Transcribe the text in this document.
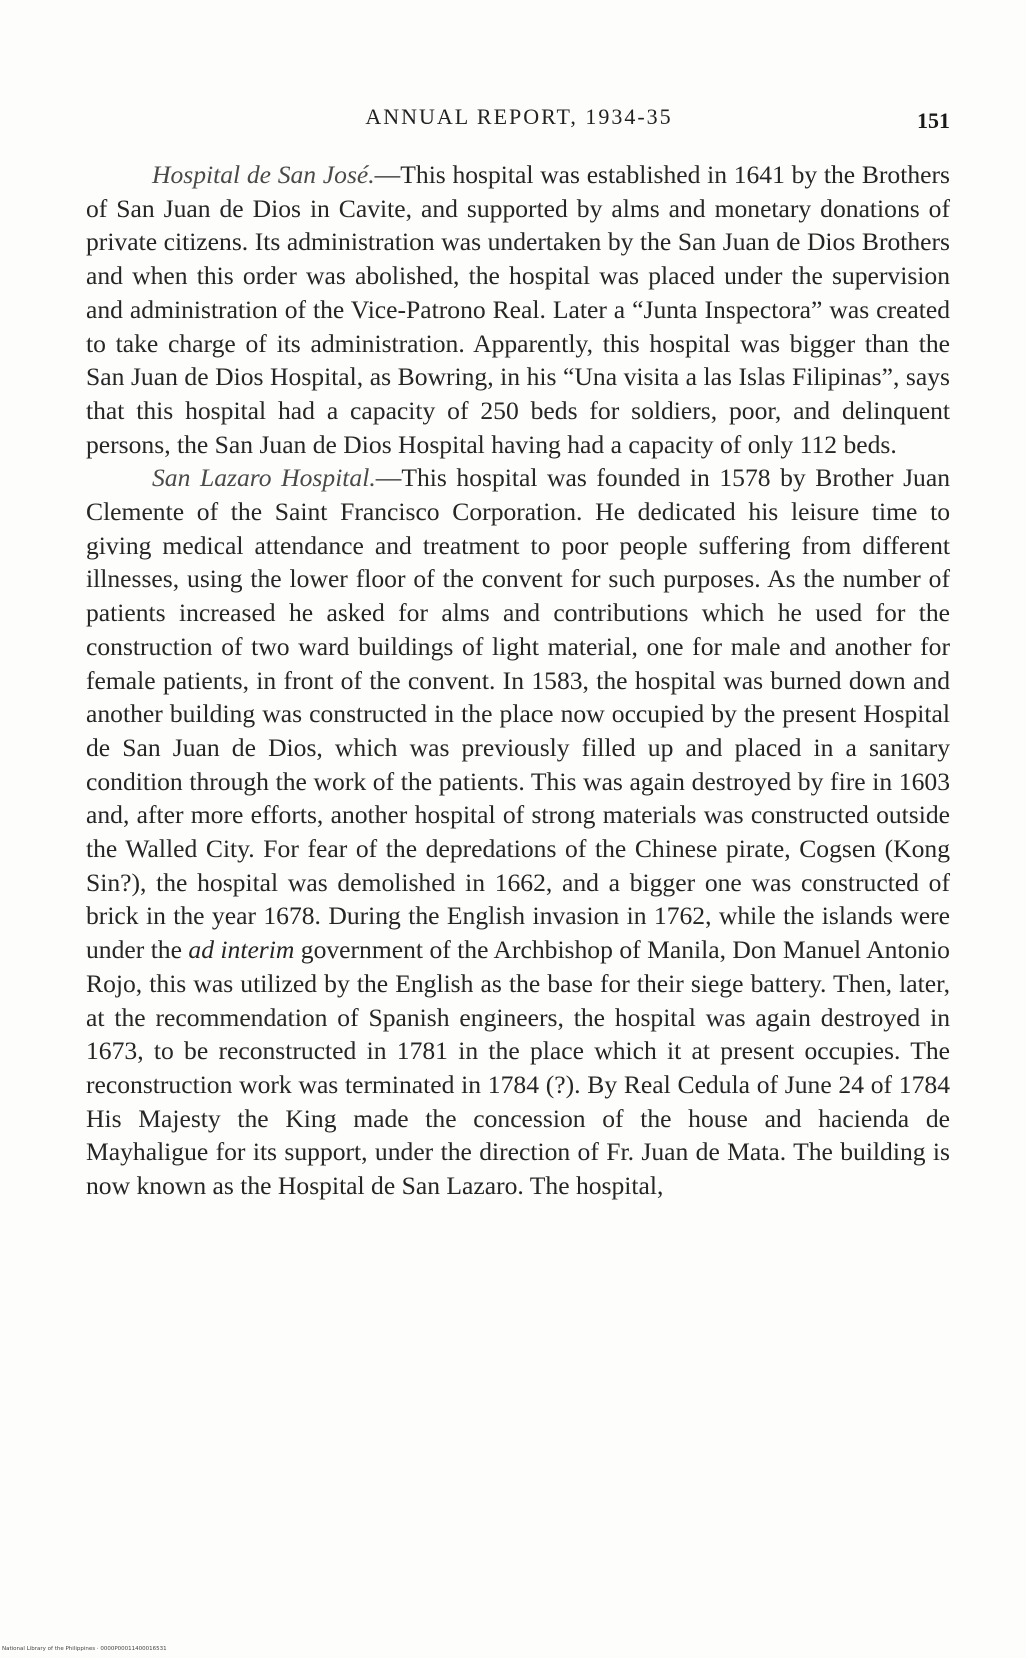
ANNUAL REPORT, 1934-35	151

Hospital de San José.—This hospital was established in 1641 by the Brothers of San Juan de Dios in Cavite, and supported by alms and monetary donations of private citizens. Its administration was undertaken by the San Juan de Dios Brothers and when this order was abolished, the hospital was placed under the supervision and administration of the Vice-Patrono Real. Later a “Junta Inspectora” was created to take charge of its administration. Apparently, this hospital was bigger than the San Juan de Dios Hospital, as Bowring, in his “Una visita a las Islas Filipinas”, says that this hospital had a capacity of 250 beds for soldiers, poor, and delinquent persons, the San Juan de Dios Hospital having had a capacity of only 112 beds.

San Lazaro Hospital.—This hospital was founded in 1578 by Brother Juan Clemente of the Saint Francisco Corporation. He dedicated his leisure time to giving medical attendance and treatment to poor people suffering from different illnesses, using the lower floor of the convent for such purposes. As the number of patients increased he asked for alms and contributions which he used for the construction of two ward buildings of light material, one for male and another for female patients, in front of the convent. In 1583, the hospital was burned down and another building was constructed in the place now occupied by the present Hospital de San Juan de Dios, which was previously filled up and placed in a sanitary condition through the work of the patients. This was again destroyed by fire in 1603 and, after more efforts, another hospital of strong materials was constructed outside the Walled City. For fear of the depredations of the Chinese pirate, Cogsen (Kong Sin?), the hospital was demolished in 1662, and a bigger one was constructed of brick in the year 1678. During the English invasion in 1762, while the islands were under the ad interim government of the Archbishop of Manila, Don Manuel Antonio Rojo, this was utilized by the English as the base for their siege battery. Then, later, at the recommendation of Spanish engineers, the hospital was again destroyed in 1673, to be reconstructed in 1781 in the place which it at present occupies. The reconstruction work was terminated in 1784 (?). By Real Cedula of June 24 of 1784 His Majesty the King made the concession of the house and hacienda de Mayhaligue for its support, under the direction of Fr. Juan de Mata. The building is now known as the Hospital de San Lazaro. The hospital,

National Library of the Philippines · 0000P00011400016531
